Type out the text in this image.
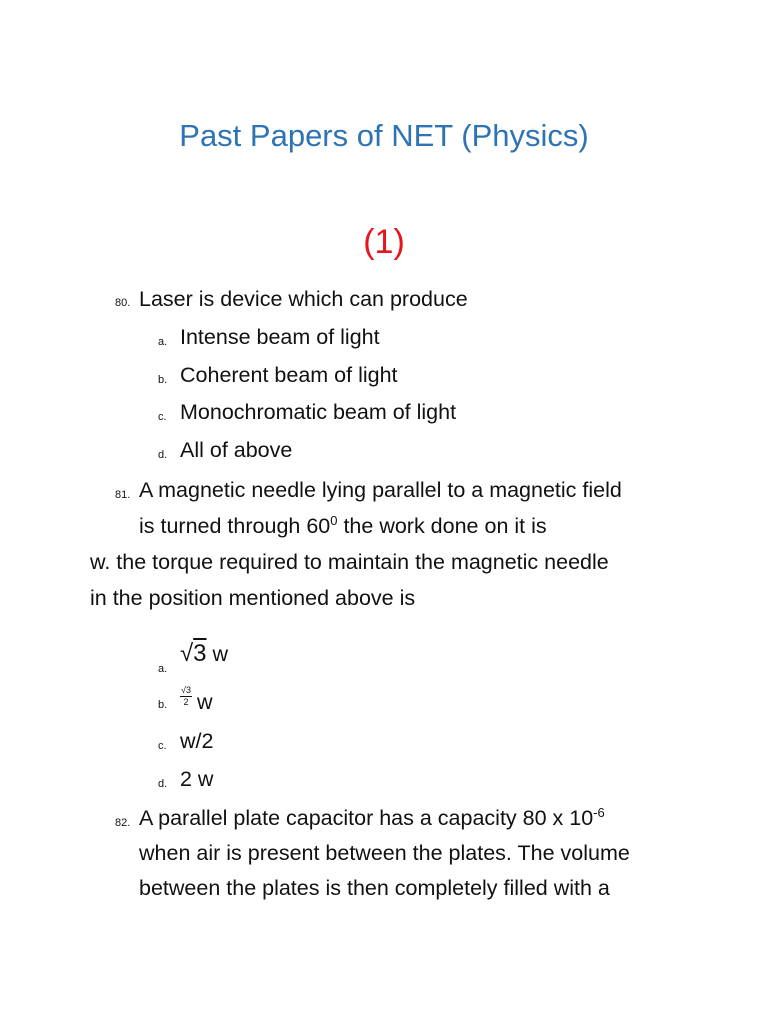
Past Papers of NET (Physics)
(1)
80. Laser is device which can produce
a. Intense beam of light
b. Coherent beam of light
c. Monochromatic beam of light
d. All of above
81. A magnetic needle lying parallel to a magnetic field
is turned through $60^0$ the work done on it is
w. the torque required to maintain the magnetic needle
in the position mentioned above is
a.
√3 w
b.
√3
2 w
c. w/2
d. 2 w
82. A parallel plate capacitor has a capacity 80 x $10^{-6}$
when air is present between the plates. The volume
between the plates is then completely filled with a
